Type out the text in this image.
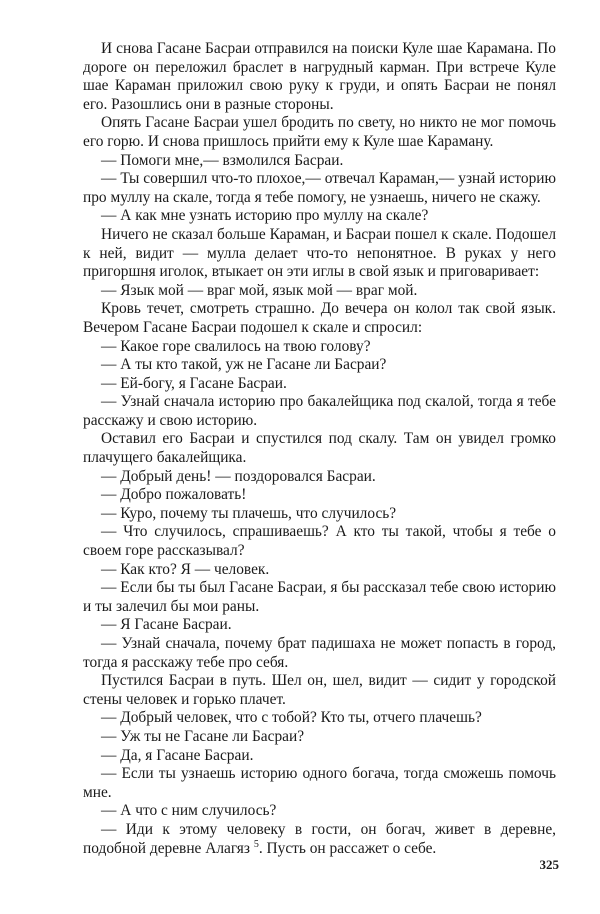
И снова Гасане Басраи отправился на поиски Куле шае Карамана. По дороге он переложил браслет в нагрудный карман. При встрече Куле шае Караман приложил свою руку к груди, и опять Басраи не понял его. Разошлись они в разные стороны.

Опять Гасане Басраи ушел бродить по свету, но никто не мог помочь его горю. И снова пришлось прийти ему к Куле шае Караману.

— Помоги мне,— взмолился Басраи.

— Ты совершил что-то плохое,— отвечал Караман,— узнай историю про муллу на скале, тогда я тебе помогу, не узнаешь, ничего не скажу.

— А как мне узнать историю про муллу на скале?

Ничего не сказал больше Караман, и Басраи пошел к скале. Подошел к ней, видит — мулла делает что-то непонятное. В руках у него пригоршня иголок, втыкает он эти иглы в свой язык и приговаривает:

— Язык мой — враг мой, язык мой — враг мой.

Кровь течет, смотреть страшно. До вечера он колол так свой язык. Вечером Гасане Басраи подошел к скале и спросил:

— Какое горе свалилось на твою голову?

— А ты кто такой, уж не Гасане ли Басраи?

— Ей-богу, я Гасане Басраи.

— Узнай сначала историю про бакалейщика под скалой, тогда я тебе расскажу и свою историю.

Оставил его Басраи и спустился под скалу. Там он увидел громко плачущего бакалейщика.

— Добрый день! — поздоровался Басраи.

— Добро пожаловать!

— Куро, почему ты плачешь, что случилось?

— Что случилось, спрашиваешь? А кто ты такой, чтобы я тебе о своем горе рассказывал?

— Как кто? Я — человек.

— Если бы ты был Гасане Басраи, я бы рассказал тебе свою историю и ты залечил бы мои раны.

— Я Гасане Басраи.

— Узнай сначала, почему брат падишаха не может попасть в город, тогда я расскажу тебе про себя.

Пустился Басраи в путь. Шел он, шел, видит — сидит у городской стены человек и горько плачет.

— Добрый человек, что с тобой? Кто ты, отчего плачешь?

— Уж ты не Гасане ли Басраи?

— Да, я Гасане Басраи.

— Если ты узнаешь историю одного богача, тогда сможешь помочь мне.

— А что с ним случилось?

— Иди к этому человеку в гости, он богач, живет в деревне, подобной деревне Алагяз $^5$. Пусть он рассажет о себе.

325
